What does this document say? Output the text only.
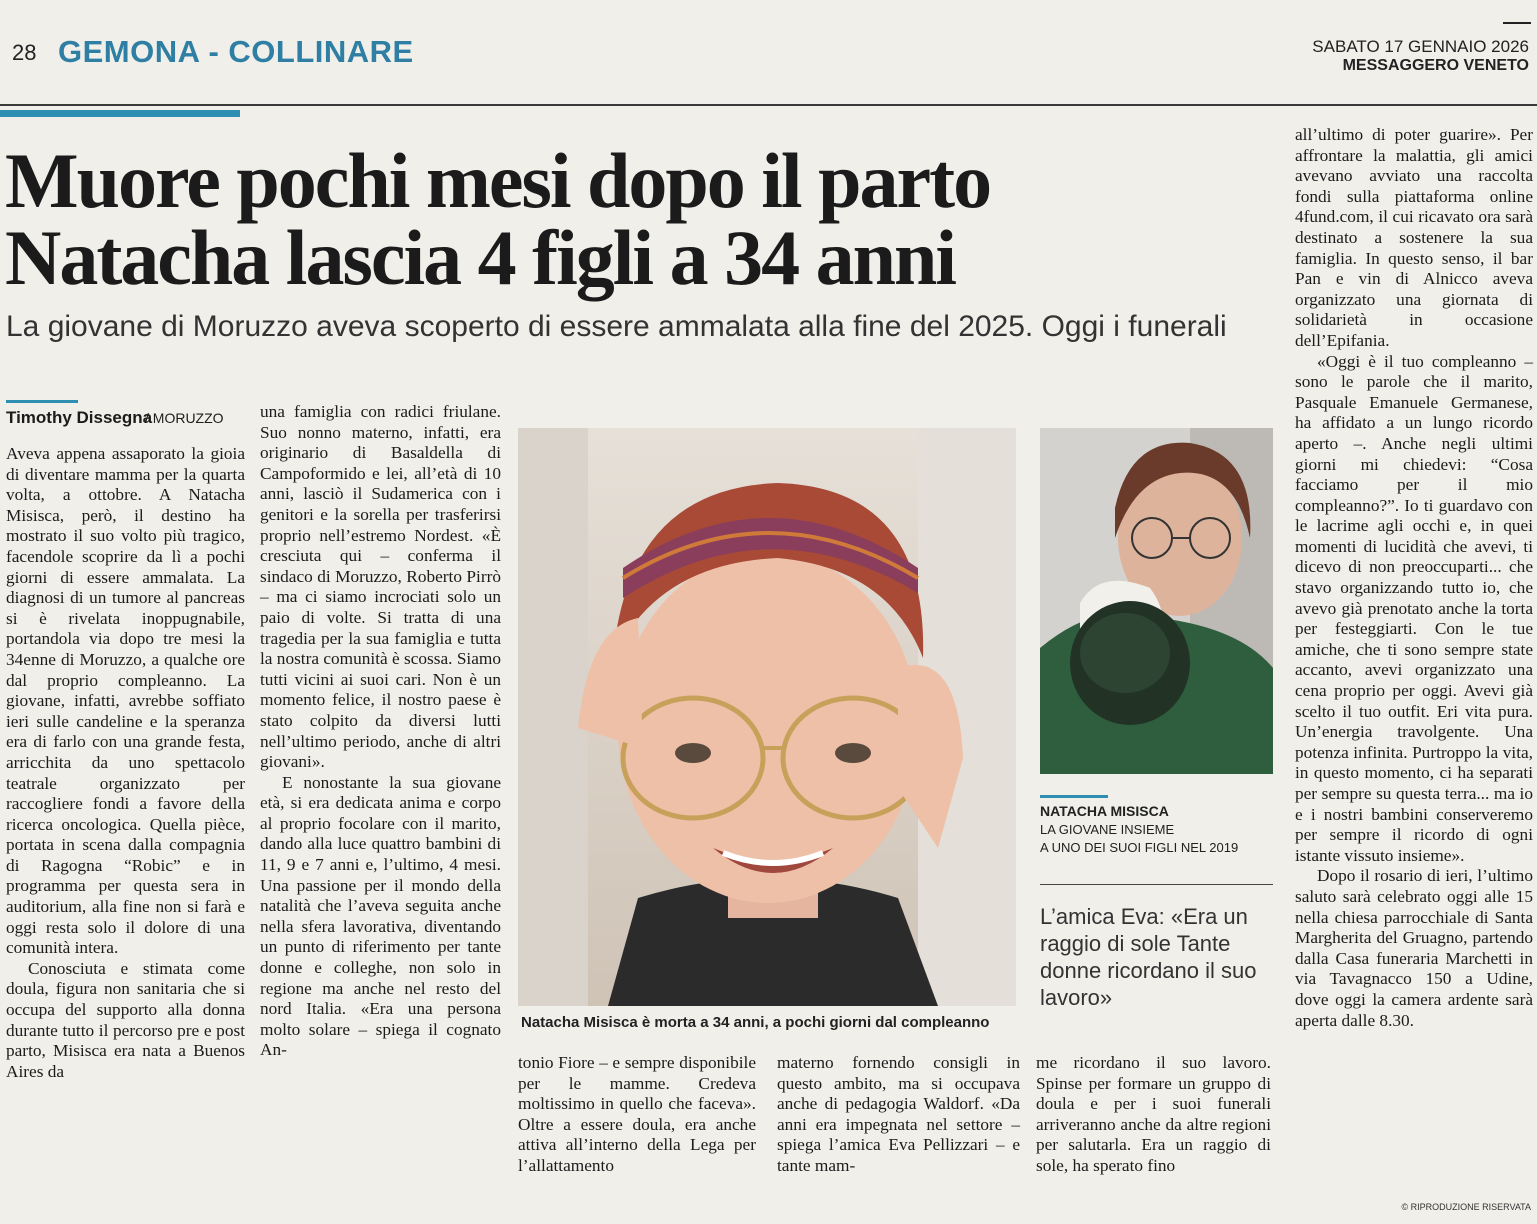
28 GEMONA - COLLINARE	SABATO 17 GENNAIO 2026
MESSAGGERO VENETO
Muore pochi mesi dopo il parto
Natacha lascia 4 figli a 34 anni
La giovane di Moruzzo aveva scoperto di essere ammalata alla fine del 2025. Oggi i funerali
Timothy Dissegna
/ MORUZZO

Aveva appena assaporato la gioia di diventare mamma per la quarta volta, a ottobre. A Natacha Misisca, però, il destino ha mostrato il suo volto più tragico, facendole scoprire da lì a pochi giorni di essere ammalata. La diagnosi di un tumore al pancreas si è rivelata inoppugnabile, portandola via dopo tre mesi la 34enne di Moruzzo, a qualche ore dal proprio compleanno. La giovane, infatti, avrebbe soffiato ieri sulle candeline e la speranza era di farlo con una grande festa, arricchita da uno spettacolo teatrale organizzato per raccogliere fondi a favore della ricerca oncologica. Quella pièce, portata in scena dalla compagnia di Ragogna “Robic” e in programma per questa sera in auditorium, alla fine non si farà e oggi resta solo il dolore di una comunità intera.

Conosciuta e stimata come doula, figura non sanitaria che si occupa del supporto alla donna durante tutto il percorso pre e post parto, Misisca era nata a Buenos Aires da

una famiglia con radici friulane. Suo nonno materno, infatti, era originario di Basaldella di Campoformido e lei, all’età di 10 anni, lasciò il Sudamerica con i genitori e la sorella per trasferirsi proprio nell’estremo Nordest. «È cresciuta qui – conferma il sindaco di Moruzzo, Roberto Pirrò – ma ci siamo incrociati solo un paio di volte. Si tratta di una tragedia per la sua famiglia e tutta la nostra comunità è scossa. Siamo tutti vicini ai suoi cari. Non è un momento felice, il nostro paese è stato colpito da diversi lutti nell’ultimo periodo, anche di altri giovani».

E nonostante la sua giovane età, si era dedicata anima e corpo al proprio focolare con il marito, dando alla luce quattro bambini di 11, 9 e 7 anni e, l’ultimo, 4 mesi. Una passione per il mondo della natalità che l’aveva seguita anche nella sfera lavorativa, diventando un punto di riferimento per tante donne e colleghe, non solo in regione ma anche nel resto del nord Italia. «Era una persona molto solare – spiega il cognato An-

Natacha Misisca è morta a 34 anni, a pochi giorni dal compleanno
NATACHA MISISCA
LA GIOVANE INSIEME
A UNO DEI SUOI FIGLI NEL 2019
L’amica Eva: «Era un raggio di sole Tante donne ricordano il suo lavoro»

tonio Fiore – e sempre disponibile per le mamme. Credeva moltissimo in quello che faceva». Oltre a essere doula, era anche attiva all’interno della Lega per l’allattamento

materno fornendo consigli in questo ambito, ma si occupava anche di pedagogia Waldorf. «Da anni era impegnata nel settore – spiega l’amica Eva Pellizzari – e tante mam-

me ricordano il suo lavoro. Spinse per formare un gruppo di doula e per i suoi funerali arriveranno anche da altre regioni per salutarla. Era un raggio di sole, ha sperato fino

all’ultimo di poter guarire». Per affrontare la malattia, gli amici avevano avviato una raccolta fondi sulla piattaforma online 4fund.com, il cui ricavato ora sarà destinato a sostenere la sua famiglia. In questo senso, il bar Pan e vin di Alnicco aveva organizzato una giornata di solidarietà in occasione dell’Epifania.

«Oggi è il tuo compleanno – sono le parole che il marito, Pasquale Emanuele Germanese, ha affidato a un lungo ricordo aperto –. Anche negli ultimi giorni mi chiedevi: “Cosa facciamo per il mio compleanno?”. Io ti guardavo con le lacrime agli occhi e, in quei momenti di lucidità che avevi, ti dicevo di non preoccuparti... che stavo organizzando tutto io, che avevo già prenotato anche la torta per festeggiarti. Con le tue amiche, che ti sono sempre state accanto, avevi organizzato una cena proprio per oggi. Avevi già scelto il tuo outfit. Eri vita pura. Un’energia travolgente. Una potenza infinita. Purtroppo la vita, in questo momento, ci ha separati per sempre su questa terra... ma io e i nostri bambini conserveremo per sempre il ricordo di ogni istante vissuto insieme».

Dopo il rosario di ieri, l’ultimo saluto sarà celebrato oggi alle 15 nella chiesa parrocchiale di Santa Margherita del Gruagno, partendo dalla Casa funeraria Marchetti in via Tavagnacco 150 a Udine, dove oggi la camera ardente sarà aperta dalle 8.30.

© RIPRODUZIONE RISERVATA
